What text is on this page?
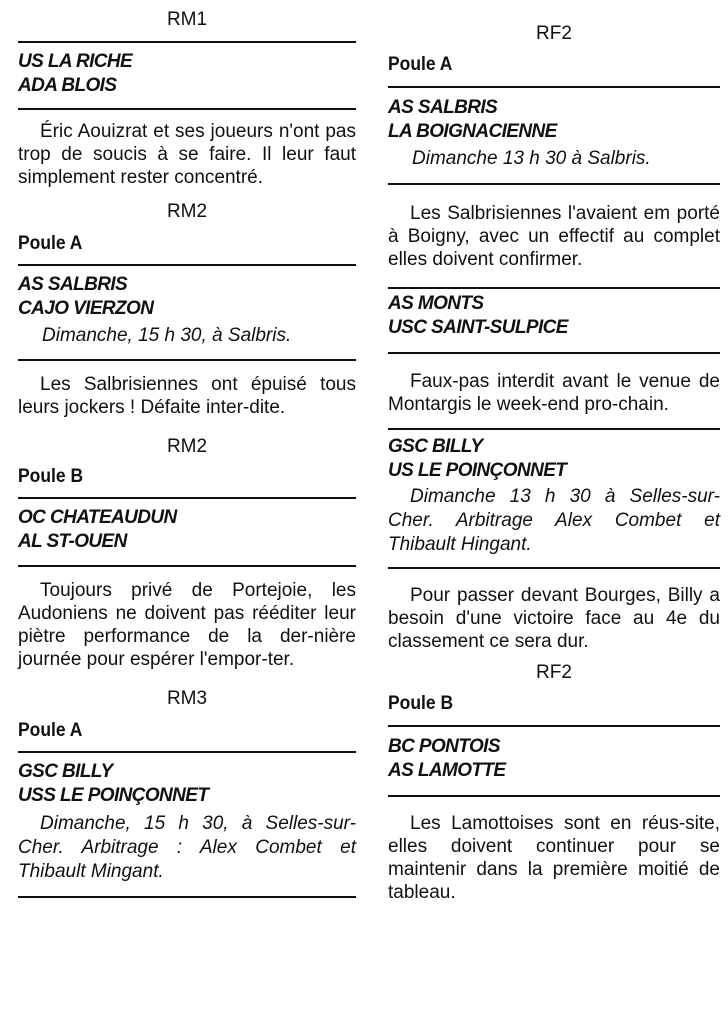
RM1

US LA RICHE
ADA BLOIS

Éric Aouizrat et ses joueurs n'ont pas trop de soucis à se faire. Il leur faut simplement rester concentré.

RM2

Poule A

AS SALBRIS
CAJO VIERZON

Dimanche, 15 h 30, à Salbris.

Les Salbrisiennes ont épuisé tous leurs jockers ! Défaite inter-dite.

RM2

Poule B

OC CHATEAUDUN
AL ST-OUEN

Toujours privé de Portejoie, les Audoniens ne doivent pas rééditer leur piètre performance de la der-nière journée pour espérer l'empor-ter.

RM3

Poule A

GSC BILLY
USS LE POINÇONNET

Dimanche, 15 h 30, à Selles-sur-Cher. Arbitrage : Alex Combet et Thibault Mingant.

RF2

Poule A

AS SALBRIS
LA BOIGNACIENNE

Dimanche 13 h 30 à Salbris.

Les Salbrisiennes l'avaient em porté à Boigny, avec un effectif au complet elles doivent confirmer.

AS MONTS
USC SAINT-SULPICE

Faux-pas interdit avant le venue de Montargis le week-end pro-chain.

GSC BILLY
US LE POINÇONNET

Dimanche 13 h 30 à Selles-sur-Cher. Arbitrage Alex Combet et Thibault Hingant.

Pour passer devant Bourges, Billy a besoin d'une victoire face au 4e du classement ce sera dur.

RF2

Poule B

BC PONTOIS
AS LAMOTTE

Les Lamottoises sont en réus-site, elles doivent continuer pour se maintenir dans la première moitié de tableau.
